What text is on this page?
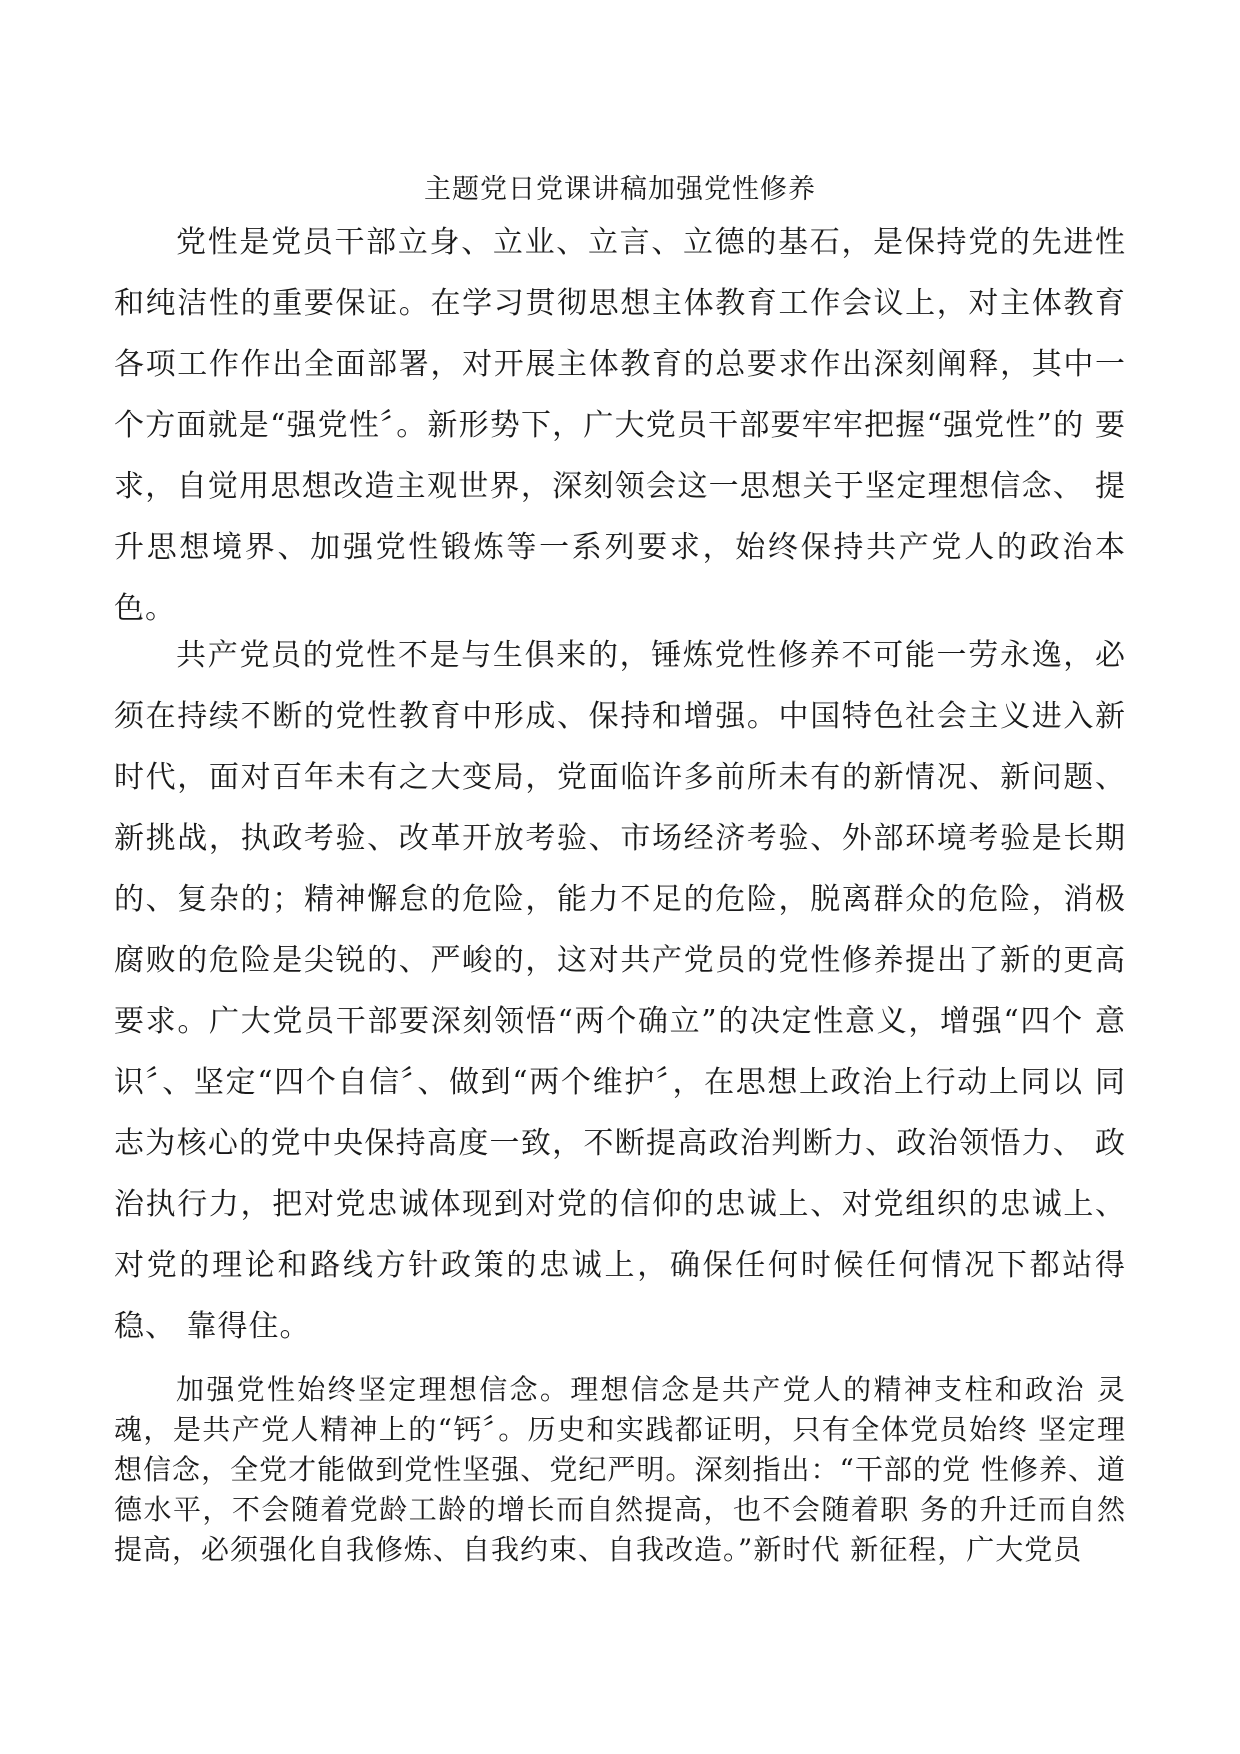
主题党日党课讲稿加强党性修养

党性是党员干部立身、立业、立言、立德的基石，是保持党的先进性 和纯洁性的重要保证。在学习贯彻思想主体教育工作会议上，对主体教育 各项工作作出全面部署，对开展主体教育的总要求作出深刻阐释，其中一 个方面就是“强党性〞。新形势下，广大党员干部要牢牢把握“强党性”的 要求，自觉用思想改造主观世界，深刻领会这一思想关于坚定理想信念、 提升思想境界、加强党性锻炼等一系列要求，始终保持共产党人的政治本 色。

共产党员的党性不是与生俱来的，锤炼党性修养不可能一劳永逸，必 须在持续不断的党性教育中形成、保持和增强。中国特色社会主义进入新 时代，面对百年未有之大变局，党面临许多前所未有的新情况、新问题、 新挑战，执政考验、改革开放考验、市场经济考验、外部环境考验是长期 的、复杂的；精神懈怠的危险，能力不足的危险，脱离群众的危险，消极 腐败的危险是尖锐的、严峻的，这对共产党员的党性修养提出了新的更高 要求。广大党员干部要深刻领悟“两个确立”的决定性意义，增强“四个 意识〞、坚定“四个自信〞、做到“两个维护〞，在思想上政治上行动上同以 同志为核心的党中央保持高度一致，不断提高政治判断力、政治领悟力、 政治执行力，把对党忠诚体现到对党的信仰的忠诚上、对党组织的忠诚上、 对党的理论和路线方针政策的忠诚上，确保任何时候任何情况下都站得稳、 靠得住。

加强党性始终坚定理想信念。理想信念是共产党人的精神支柱和政治 灵魂，是共产党人精神上的“钙〞。历史和实践都证明，只有全体党员始终 坚定理想信念，全党才能做到党性坚强、党纪严明。深刻指出：“干部的党 性修养、道德水平，不会随着党龄工龄的增长而自然提高，也不会随着职 务的升迁而自然提高，必须强化自我修炼、自我约束、自我改造。”新时代 新征程，广大党员
